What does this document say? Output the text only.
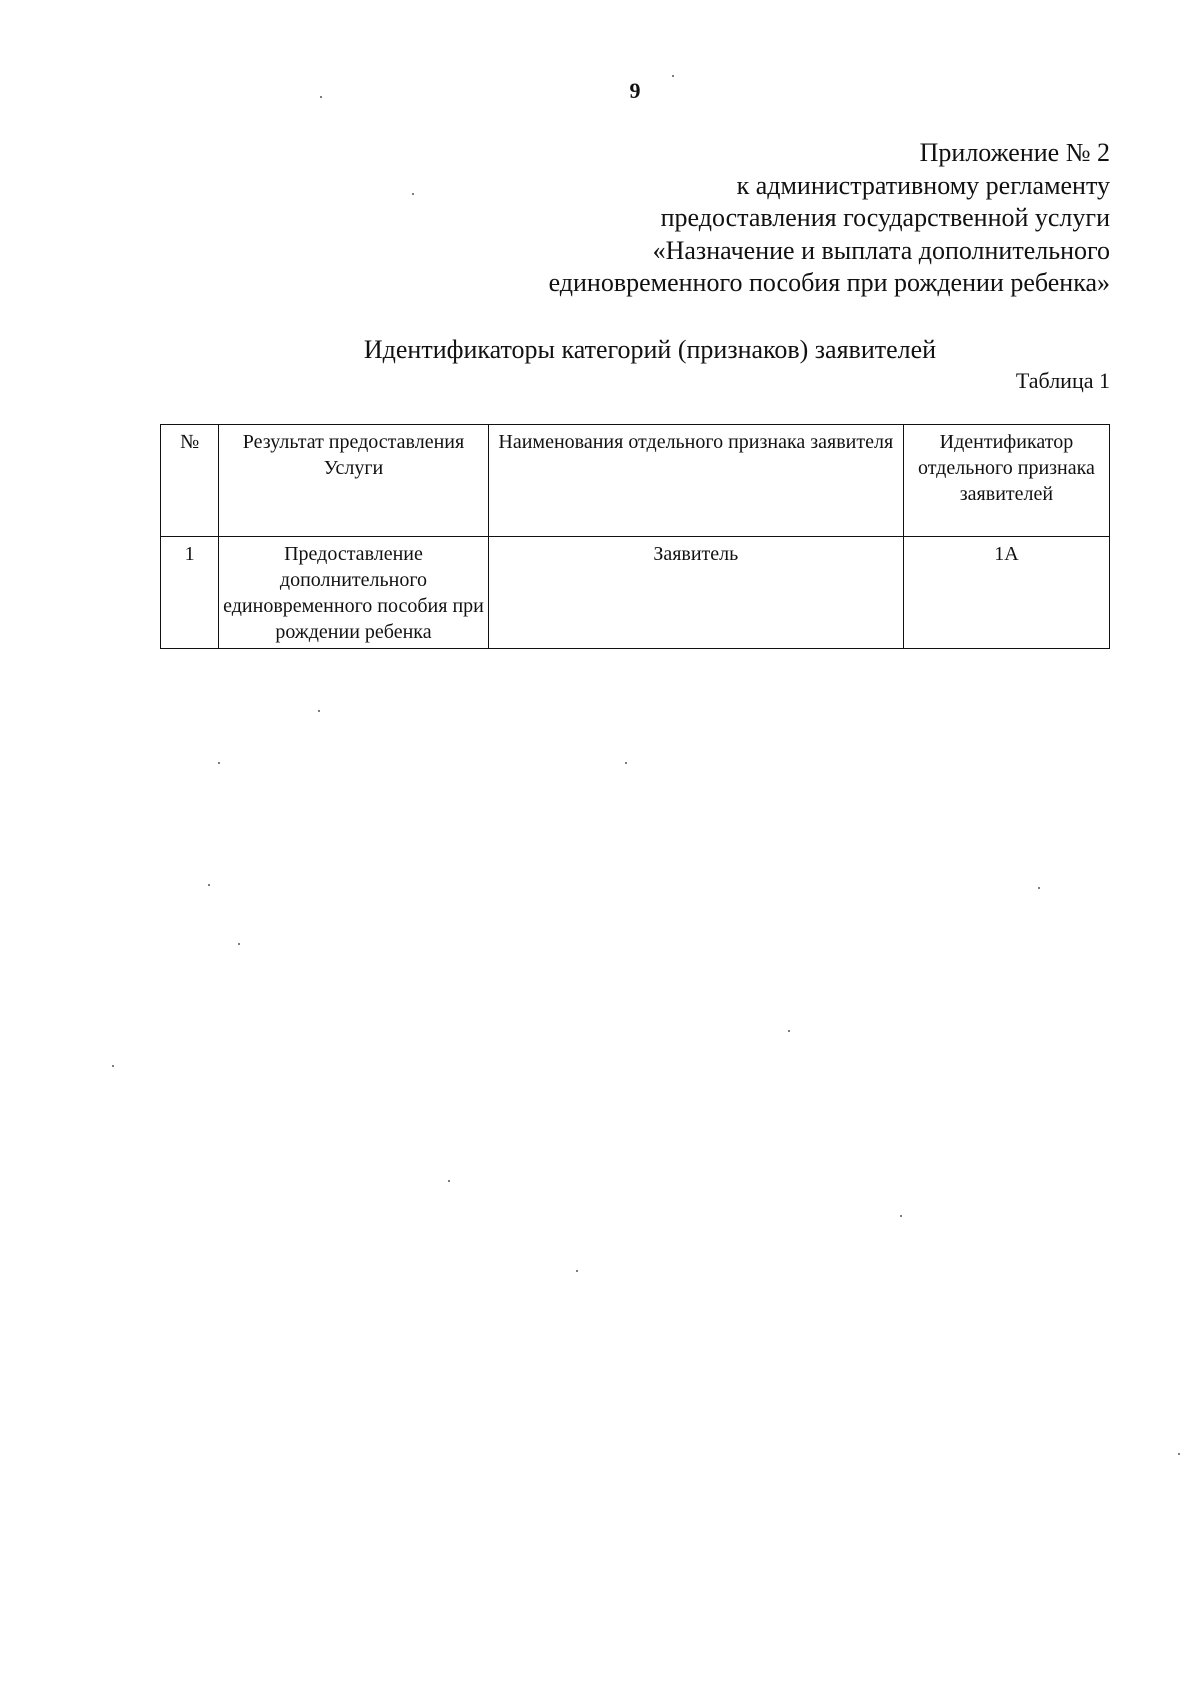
9
Приложение № 2
к административному регламенту
предоставления государственной услуги
«Назначение и выплата дополнительного
единовременного пособия при рождении ребенка»
Идентификаторы категорий (признаков) заявителей
Таблица 1
№	Результат предоставления Услуги	Наименования отдельного признака заявителя	Идентификатор отдельного признака заявителей
1	Предоставление дополнительного единовременного пособия при рождении ребенка	Заявитель	1А
